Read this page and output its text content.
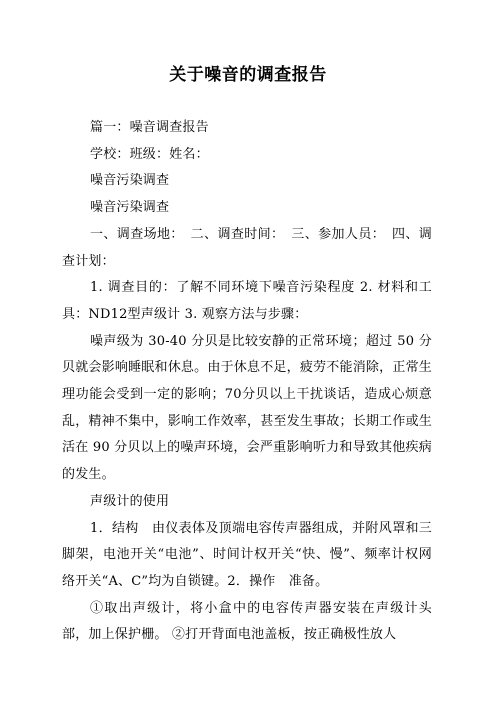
关于噪音的调查报告

篇一：噪音调查报告

学校：班级：姓名：

噪音污染调查

噪音污染调查

一、调查场地：　二、调查时间：　三、参加人员：　四、调查计划：

1. 调查目的：了解不同环境下噪音污染程度 2. 材料和工具：ND12型声级计 3. 观察方法与步骤：

噪声级为 30-40 分贝是比较安静的正常环境；超过 50 分贝就会影响睡眠和休息。由于休息不足，疲劳不能消除，正常生理功能会受到一定的影响；70分贝以上干扰谈话，造成心烦意乱，精神不集中，影响工作效率，甚至发生事故；长期工作或生活在 90 分贝以上的噪声环境，会严重影响听力和导致其他疾病的发生。

声级计的使用

1．结构　由仪表体及顶端电容传声器组成，并附风罩和三脚架，电池开关“电池”、时间计权开关“快、慢”、频率计权网络开关“A、C”均为自锁键。2．操作　准备。

①取出声级计，将小盒中的电容传声器安装在声级计头部，加上保护栅。 ②打开背面电池盖板，按正确极性放人
